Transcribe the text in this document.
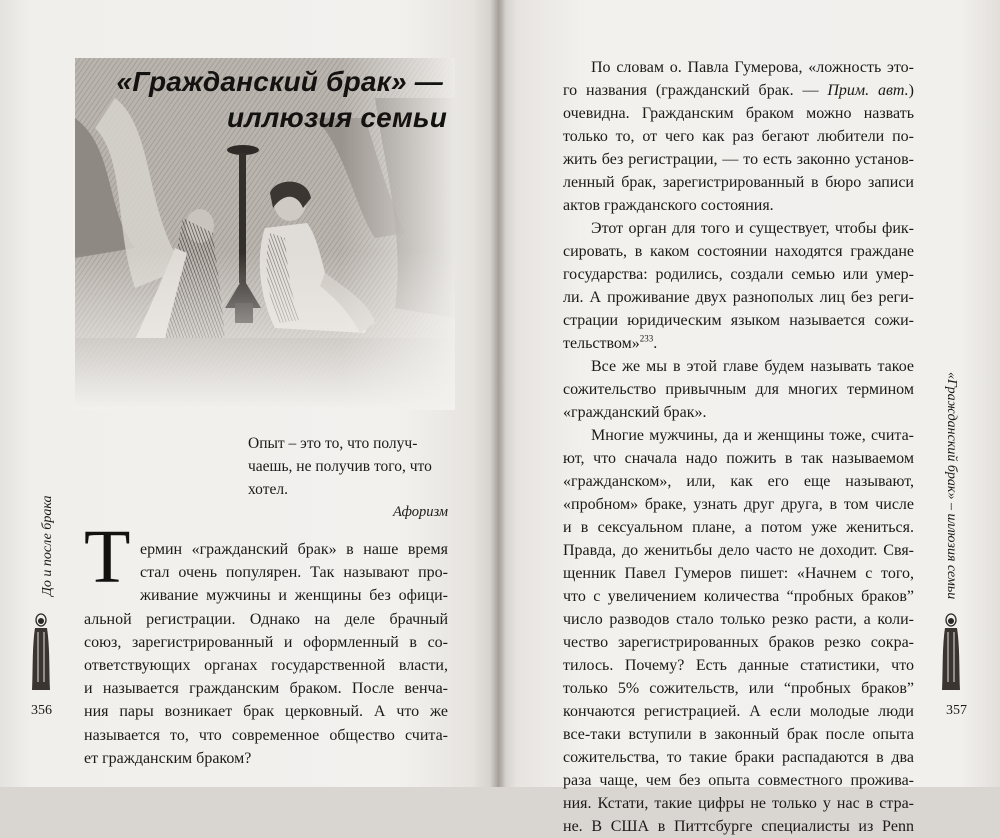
«Гражданский брак» —
иллюзия семьи
Опыт – это то, что получ-
чаешь, не получив того, что
хотел.
Афоризм
Т ермин «гражданский брак» в наше время
стал очень популярен. Так называют про-
живание мужчины и женщины без офици-
альной регистрации. Однако на деле брачный
союз, зарегистрированный и оформленный в со-
ответствующих органах государственной власти,
и называется гражданским браком. После венча-
ния пары возникает брак церковный. А что же
называется то, что современное общество счита-
ет гражданским браком?
До и после брака
356
По словам о. Павла Гумерова, «ложность это-
го названия (гражданский брак. — Прим. авт.)
очевидна. Гражданским браком можно назвать
только то, от чего как раз бегают любители по-
жить без регистрации, — то есть законно установ-
ленный брак, зарегистрированный в бюро записи
актов гражданского состояния.
Этот орган для того и существует, чтобы фик-
сировать, в каком состоянии находятся граждане
государства: родились, создали семью или умер-
ли. А проживание двух разнополых лиц без реги-
страции юридическим языком называется сожи-
тельством»$^{233}$.
Все же мы в этой главе будем называть такое
сожительство привычным для многих термином
«гражданский брак».
Многие мужчины, да и женщины тоже, счита-
ют, что сначала надо пожить в так называемом
«гражданском», или, как его еще называют,
«пробном» браке, узнать друг друга, в том числе
и в сексуальном плане, а потом уже жениться.
Правда, до женитьбы дело часто не доходит. Свя-
щенник Павел Гумеров пишет: «Начнем с того,
что с увеличением количества “пробных браков”
число разводов стало только резко расти, а коли-
чество зарегистрированных браков резко сокра-
тилось. Почему? Есть данные статистики, что
только 5% сожительств, или “пробных браков”
кончаются регистрацией. А если молодые люди
все-таки вступили в законный брак после опыта
сожительства, то такие браки распадаются в два
раза чаще, чем без опыта совместного прожива-
ния. Кстати, такие цифры не только у нас в стра-
не. В США в Питтсбурге специалисты из Penn
«Гражданский брак» – иллюзия семьи
357
